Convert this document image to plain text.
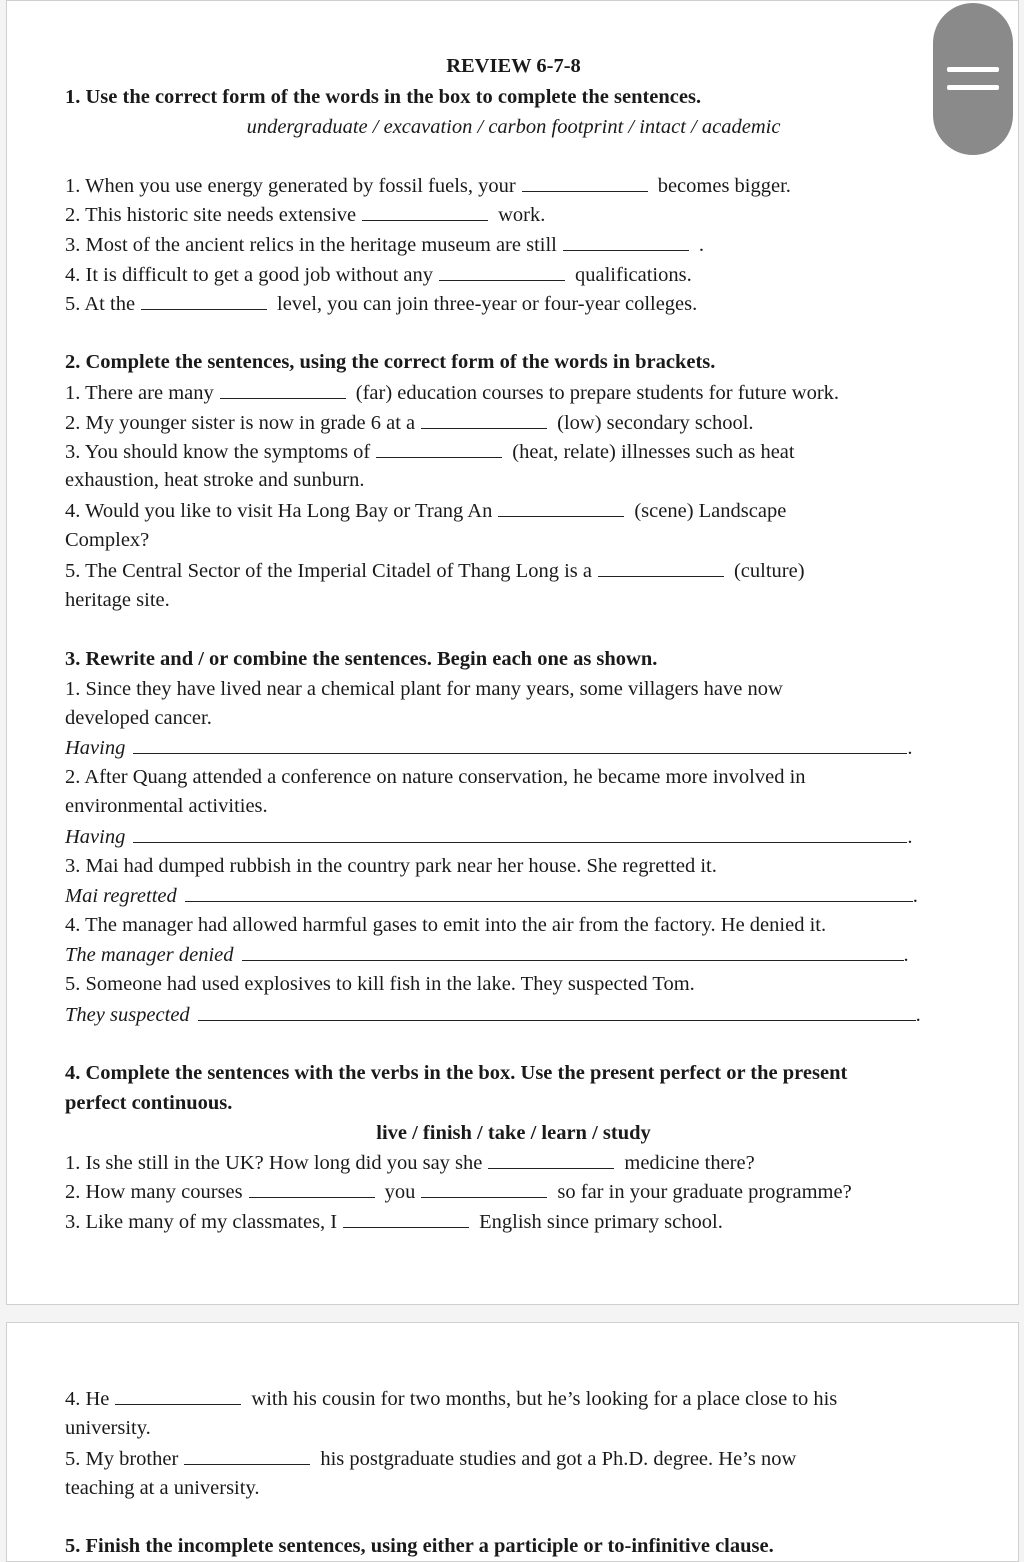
REVIEW 6-7-8
1. Use the correct form of the words in the box to complete the sentences.
undergraduate / excavation / carbon footprint / intact / academic
1. When you use energy generated by fossil fuels, your	becomes bigger.
2. This historic site needs extensive	work.
3. Most of the ancient relics in the heritage museum are still	.
4. It is difficult to get a good job without any	qualifications.
5. At the	level, you can join three-year or four-year colleges.
2. Complete the sentences, using the correct form of the words in brackets.
1. There are many	(far) education courses to prepare students for future work.
2. My younger sister is now in grade 6 at a	(low) secondary school.
3. You should know the symptoms of	(heat, relate) illnesses such as heat
exhaustion, heat stroke and sunburn.
4. Would you like to visit Ha Long Bay or Trang An	(scene) Landscape
Complex?
5. The Central Sector of the Imperial Citadel of Thang Long is a	(culture)
heritage site.
3. Rewrite and / or combine the sentences. Begin each one as shown.
1. Since they have lived near a chemical plant for many years, some villagers have now
developed cancer.
Having	.
2. After Quang attended a conference on nature conservation, he became more involved in
environmental activities.
Having	.
3. Mai had dumped rubbish in the country park near her house. She regretted it.
Mai regretted	.
4. The manager had allowed harmful gases to emit into the air from the factory. He denied it.
The manager denied	.
5. Someone had used explosives to kill fish in the lake. They suspected Tom.
They suspected	.
4. Complete the sentences with the verbs in the box. Use the present perfect or the present
perfect continuous.
live / finish / take / learn / study
1. Is she still in the UK? How long did you say she	medicine there?
2. How many courses	you	so far in your graduate programme?
3. Like many of my classmates, I	English since primary school.
4. He	with his cousin for two months, but he’s looking for a place close to his
university.
5. My brother	his postgraduate studies and got a Ph.D. degree. He’s now
teaching at a university.
5. Finish the incomplete sentences, using either a participle or to-infinitive clause.
